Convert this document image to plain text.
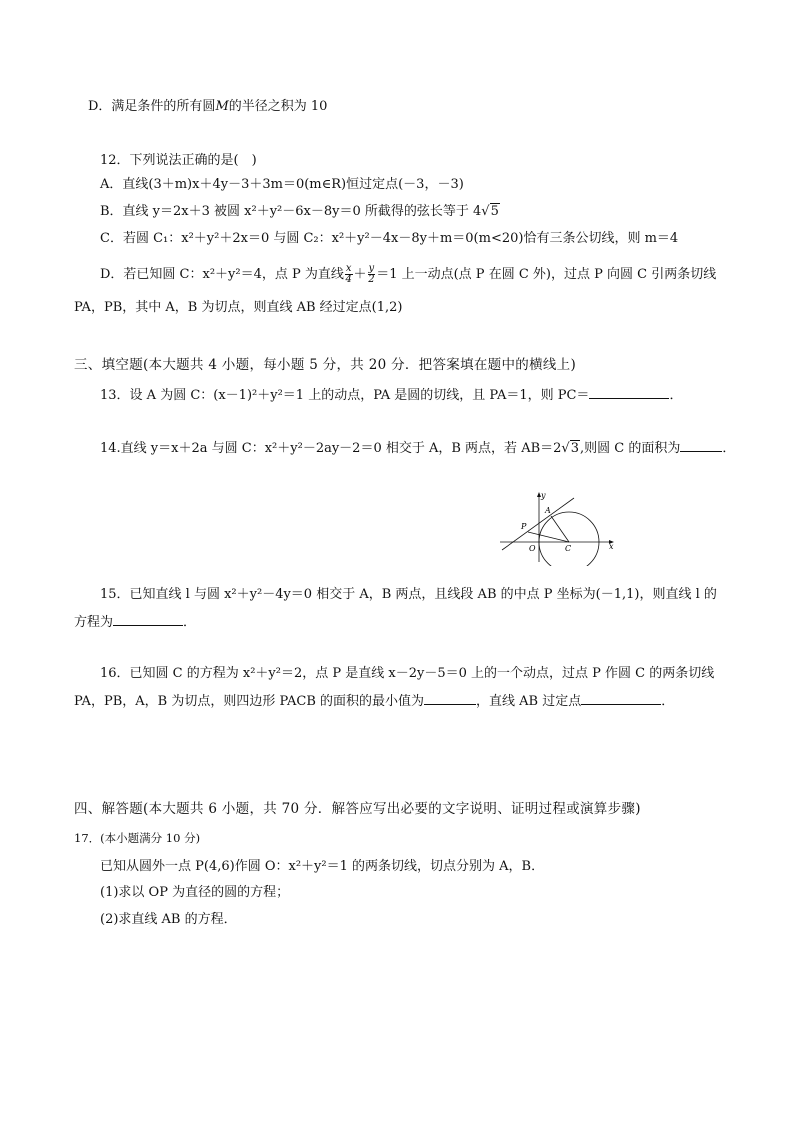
D．满足条件的所有圆M的半径之积为 10
12．下列说法正确的是(　)
A．直线(3＋m)x＋4y－3＋3m＝0(m∈R)恒过定点(－3，－3)
B．直线 y＝2x＋3 被圆 x²＋y²－6x－8y＝0 所截得的弦长等于 4√5
C．若圆 C₁：x²＋y²＋2x＝0 与圆 C₂：x²＋y²－4x－8y＋m＝0(m<20)恰有三条公切线，则 m＝4
D．若已知圆 C：x²＋y²＝4，点 P 为直线 $\frac{x}{4} + \frac{y}{2} =1$ 上一动点(点 P 在圆 C 外)，过点 P 向圆 C 引两条切线
PA，PB，其中 A，B 为切点，则直线 AB 经过定点(1,2)
三、填空题(本大题共 4 小题，每小题 5 分，共 20 分．把答案填在题中的横线上)
13．设 A 为圆 C：(x－1)²＋y²＝1 上的动点，PA 是圆的切线，且 PA＝1，则 PC＝	．
14.直线 y＝x＋2a 与圆 C：x²＋y²－2ay－2＝0 相交于 A，B 两点，若 AB＝2√3,则圆 C 的面积为	．
y
x
A
P
O	C
15．已知直线 l 与圆 x²＋y²－4y＝0 相交于 A，B 两点，且线段 AB 的中点 P 坐标为(－1,1)，则直线 l 的
方程为	．
16．已知圆 C 的方程为 x²＋y²＝2，点 P 是直线 x－2y－5＝0 上的一个动点，过点 P 作圆 C 的两条切线
PA，PB，A，B 为切点，则四边形 PACB 的面积的最小值为	，直线 AB 过定点	．
四、解答题(本大题共 6 小题，共 70 分．解答应写出必要的文字说明、证明过程或演算步骤)
17．(本小题满分 10 分)
已知从圆外一点 P(4,6)作圆 O：x²＋y²＝1 的两条切线，切点分别为 A，B．
(1)求以 OP 为直径的圆的方程；
(2)求直线 AB 的方程．
